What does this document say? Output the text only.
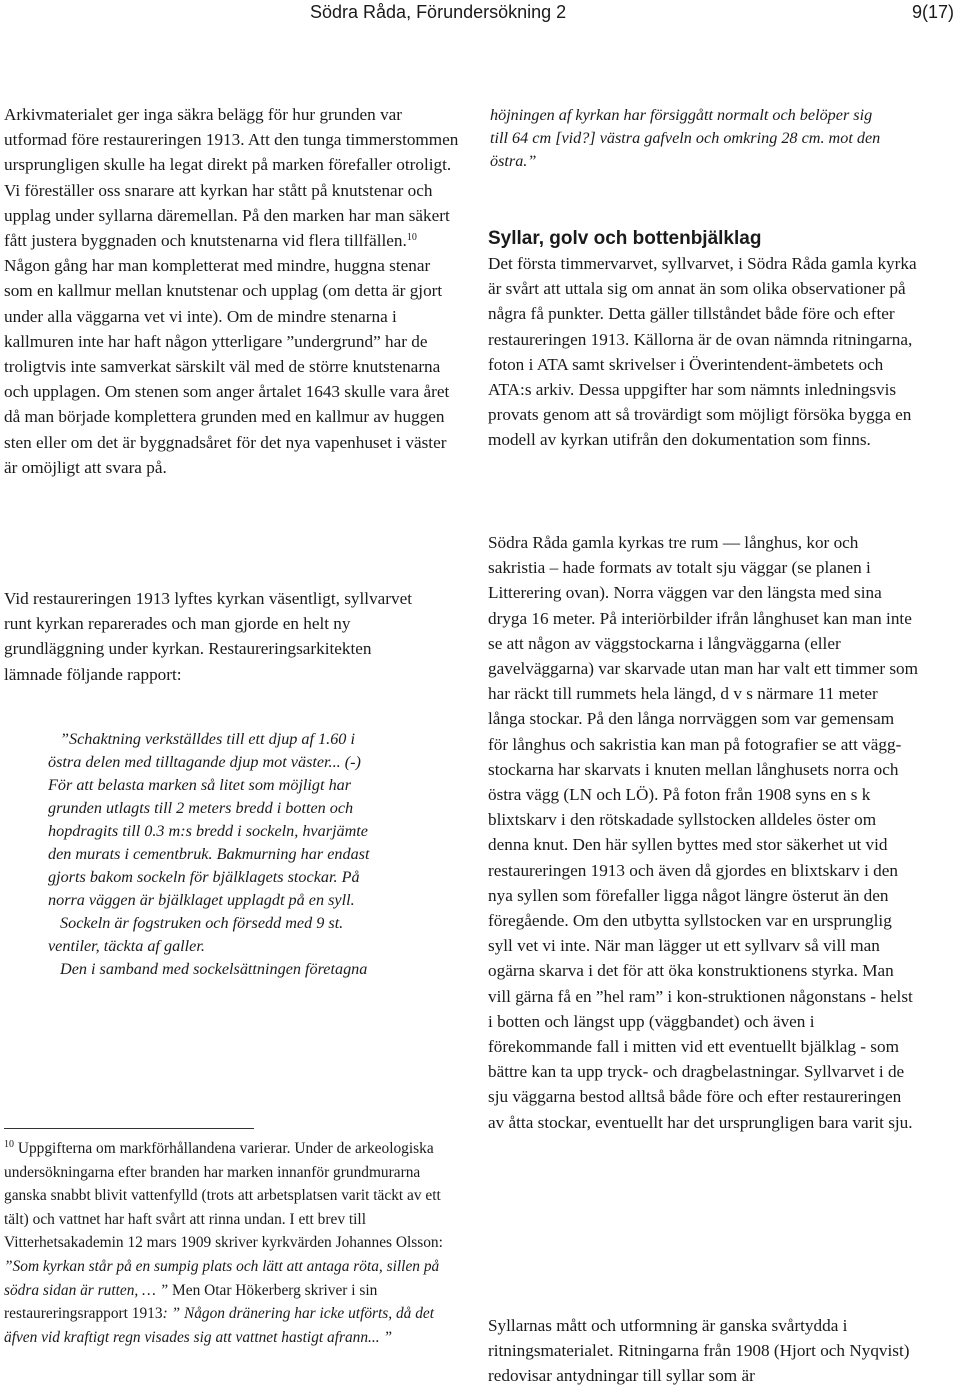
Södra Råda, Förundersökning 2	9(17)

Arkivmaterialet ger inga säkra belägg för hur grunden var utformad före restaureringen 1913. Att den tunga timmerstommen ursprungligen skulle ha legat direkt på marken förefaller otroligt. Vi föreställer oss snarare att kyrkan har stått på knutstenar och upplag under syllarna däremellan. På den marken har man säkert fått justera byggnaden och knutstenarna vid flera tillfällen.$^{10}$ Någon gång har man kompletterat med mindre, huggna stenar som en kallmur mellan knutstenar och upplag (om detta är gjort under alla väggarna vet vi inte). Om de mindre stenarna i kallmuren inte har haft någon ytterligare ”undergrund” har de troligtvis inte samverkat särskilt väl med de större knutstenarna och upplagen. Om stenen som anger årtalet 1643 skulle vara året då man började komplettera grunden med en kallmur av huggen sten eller om det är byggnadsåret för det nya vapenhuset i väster är omöjligt att svara på.

Vid restaureringen 1913 lyftes kyrkan väsentligt, syllvarvet runt kyrkan reparerades och man gjorde en helt ny grundläggning under kyrkan. Restaureringsarkitekten lämnade följande rapport:

”Schaktning verkställdes till ett djup af 1.60 i östra delen med tilltagande djup mot väster... (-) För att belasta marken så litet som möjligt har grunden utlagts till 2 meters bredd i botten och hopdragits till 0.3 m:s bredd i sockeln, hvarjämte den murats i cementbruk. Bakmurning har endast gjorts bakom sockeln för bjälklagets stockar. På norra väggen är bjälklaget upplagdt på en syll.

Sockeln är fogstruken och försedd med 9 st. ventiler, täckta af galler.

Den i samband med sockelsättningen företagna

$^{10}$ Uppgifterna om markförhållandena varierar. Under de arkeologiska undersökningarna efter branden har marken innanför grundmurarna ganska snabbt blivit vattenfylld (trots att arbetsplatsen varit täckt av ett tält) och vattnet har haft svårt att rinna undan. I ett brev till Vitterhetsakademin 12 mars 1909 skriver kyrkvärden Johannes Olsson: ”Som kyrkan står på en sumpig plats och lätt att antaga röta, sillen på södra sidan är rutten, … ” Men Otar Hökerberg skriver i sin restaureringsrapport 1913: ” Någon dränering har icke utförts, då det äfven vid kraftigt regn visades sig att vattnet hastigt afrann... ”

höjningen af kyrkan har försiggått normalt och belöper sig till 64 cm [vid?] västra gafveln och omkring 28 cm. mot den östra.”
Syllar, golv och bottenbjälklag

Det första timmervarvet, syllvarvet, i Södra Råda gamla kyrka är svårt att uttala sig om annat än som olika observationer på några få punkter. Detta gäller tillståndet både före och efter restaureringen 1913. Källorna är de ovan nämnda ritningarna, foton i ATA samt skrivelser i Överintendent-ämbetets och ATA:s arkiv. Dessa uppgifter har som nämnts inledningsvis provats genom att så trovärdigt som möjligt försöka bygga en modell av kyrkan utifrån den dokumentation som finns.

Södra Råda gamla kyrkas tre rum — långhus, kor och sakristia – hade formats av totalt sju väggar (se planen i Litterering ovan). Norra väggen var den längsta med sina dryga 16 meter. På interiörbilder ifrån långhuset kan man inte se att någon av väggstockarna i långväggarna (eller gavelväggarna) var skarvade utan man har valt ett timmer som har räckt till rummets hela längd, d v s närmare 11 meter långa stockar. På den långa norrväggen som var gemensam för långhus och sakristia kan man på fotografier se att vägg-stockarna har skarvats i knuten mellan långhusets norra och östra vägg (LN och LÖ). På foton från 1908 syns en s k blixtskarv i den rötskadade syllstocken alldeles öster om denna knut. Den här syllen byttes med stor säkerhet ut vid restaureringen 1913 och även då gjordes en blixtskarv i den nya syllen som förefaller ligga något längre österut än den föregående. Om den utbytta syllstocken var en ursprunglig syll vet vi inte. När man lägger ut ett syllvarv så vill man ogärna skarva i det för att öka konstruktionens styrka. Man vill gärna få en ”hel ram” i kon-struktionen någonstans - helst i botten och längst upp (väggbandet) och även i förekommande fall i mitten vid ett eventuellt bjälklag - som bättre kan ta upp tryck- och dragbelastningar. Syllvarvet i de sju väggarna bestod alltså både före och efter restaureringen av åtta stockar, eventuellt har det ursprungligen bara varit sju.

Syllarnas mått och utformning är ganska svårtydda i ritningsmaterialet. Ritningarna från 1908 (Hjort och Nyqvist) redovisar antydningar till syllar som är
